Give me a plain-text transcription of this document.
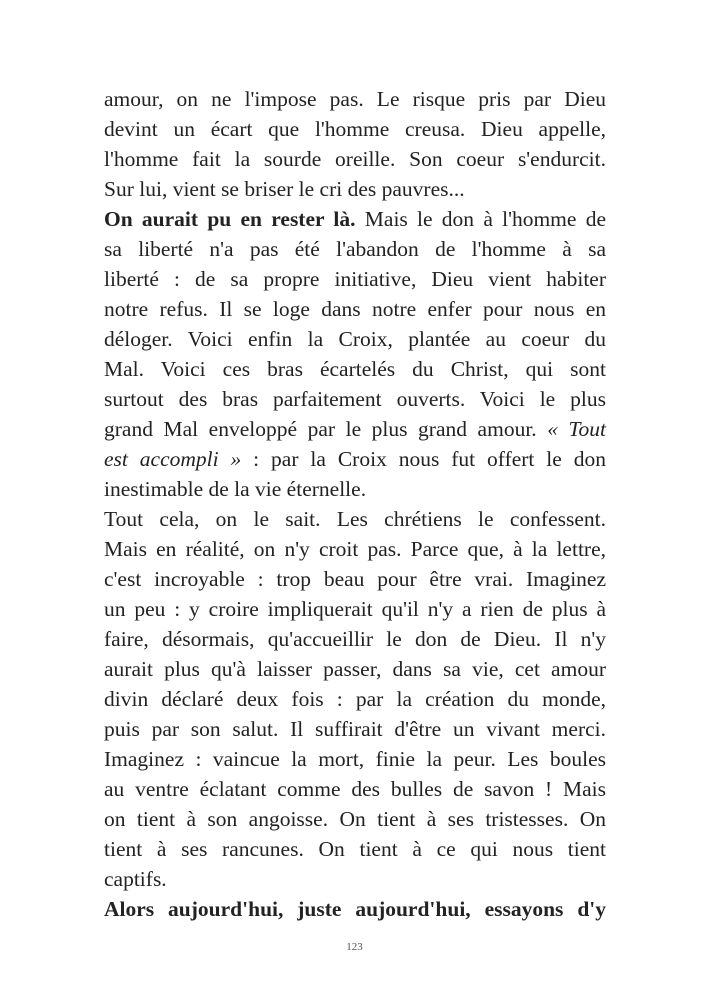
amour, on ne l'impose pas. Le risque pris par Dieu
devint un écart que l'homme creusa. Dieu appelle,
l'homme fait la sourde oreille. Son coeur s'endurcit.
Sur lui, vient se briser le cri des pauvres...
On aurait pu en rester là. Mais le don à l'homme de
sa liberté n'a pas été l'abandon de l'homme à sa
liberté : de sa propre initiative, Dieu vient habiter
notre refus. Il se loge dans notre enfer pour nous en
déloger. Voici enfin la Croix, plantée au coeur du
Mal. Voici ces bras écartelés du Christ, qui sont
surtout des bras parfaitement ouverts. Voici le plus
grand Mal enveloppé par le plus grand amour. « Tout
est accompli » : par la Croix nous fut offert le don
inestimable de la vie éternelle.
Tout cela, on le sait. Les chrétiens le confessent.
Mais en réalité, on n'y croit pas. Parce que, à la lettre,
c'est incroyable : trop beau pour être vrai. Imaginez
un peu : y croire impliquerait qu'il n'y a rien de plus à
faire, désormais, qu'accueillir le don de Dieu. Il n'y
aurait plus qu'à laisser passer, dans sa vie, cet amour
divin déclaré deux fois : par la création du monde,
puis par son salut. Il suffirait d'être un vivant merci.
Imaginez : vaincue la mort, finie la peur. Les boules
au ventre éclatant comme des bulles de savon ! Mais
on tient à son angoisse. On tient à ses tristesses. On
tient à ses rancunes. On tient à ce qui nous tient
captifs.
Alors aujourd'hui, juste aujourd'hui, essayons d'y
123
